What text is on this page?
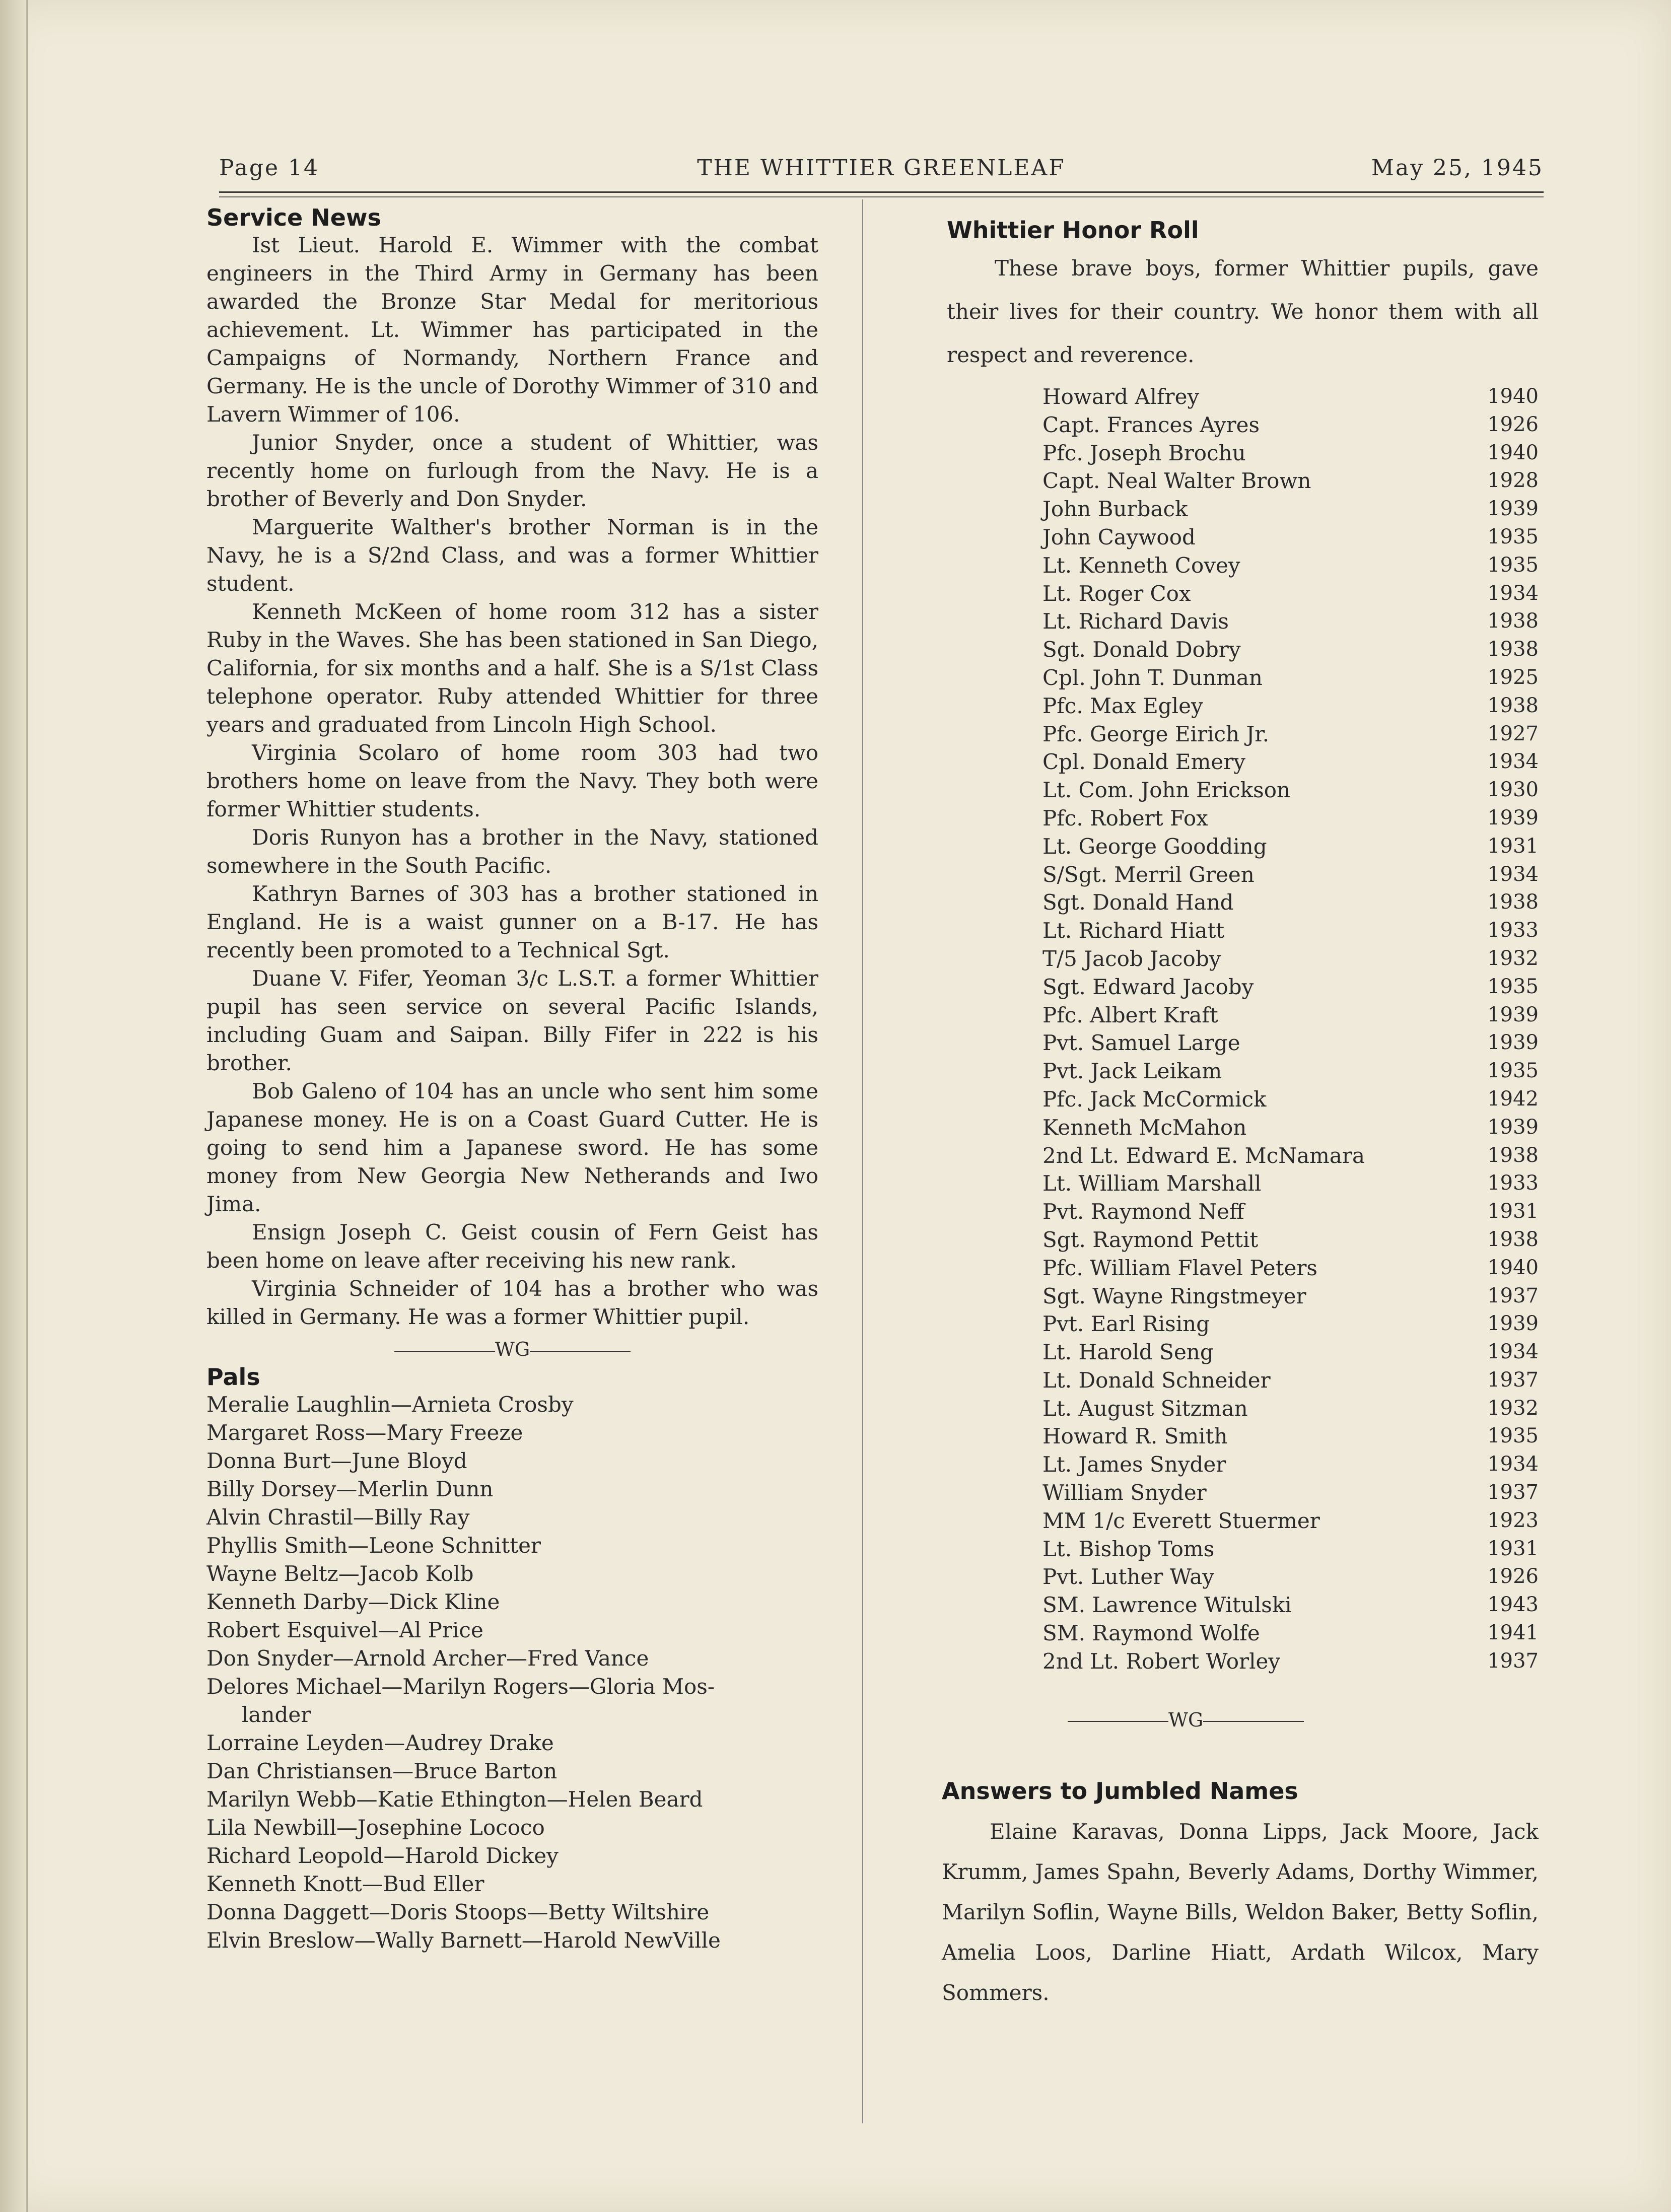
Page 14	THE WHITTIER GREENLEAF	May 25, 1945
Service News

Ist Lieut. Harold E. Wimmer with the combat engineers in the Third Army in Germany has been awarded the Bronze Star Medal for meritorious achievement. Lt. Wimmer has participated in the Campaigns of Normandy, Northern France and Germany. He is the uncle of Dorothy Wimmer of 310 and Lavern Wimmer of 106.

Junior Snyder, once a student of Whittier, was recently home on furlough from the Navy. He is a brother of Beverly and Don Snyder.

Marguerite Walther's brother Norman is in the Navy, he is a S/2nd Class, and was a former Whittier student.

Kenneth McKeen of home room 312 has a sister Ruby in the Waves. She has been stationed in San Diego, California, for six months and a half. She is a S/1st Class telephone operator. Ruby attended Whittier for three years and graduated from Lincoln High School.

Virginia Scolaro of home room 303 had two brothers home on leave from the Navy. They both were former Whittier students.

Doris Runyon has a brother in the Navy, stationed somewhere in the South Pacific.

Kathryn Barnes of 303 has a brother stationed in England. He is a waist gunner on a B-17. He has recently been promoted to a Technical Sgt.

Duane V. Fifer, Yeoman 3/c L.S.T. a former Whittier pupil has seen service on several Pacific Islands, including Guam and Saipan. Billy Fifer in 222 is his brother.

Bob Galeno of 104 has an uncle who sent him some Japanese money. He is on a Coast Guard Cutter. He is going to send him a Japanese sword. He has some money from New Georgia New Netherands and Iwo Jima.

Ensign Joseph C. Geist cousin of Fern Geist has been home on leave after receiving his new rank.

Virginia Schneider of 104 has a brother who was killed in Germany. He was a former Whittier pupil.

WG

Pals
Meralie Laughlin—Arnieta Crosby
Margaret Ross—Mary Freeze
Donna Burt—June Bloyd
Billy Dorsey—Merlin Dunn
Alvin Chrastil—Billy Ray
Phyllis Smith—Leone Schnitter
Wayne Beltz—Jacob Kolb
Kenneth Darby—Dick Kline
Robert Esquivel—Al Price
Don Snyder—Arnold Archer—Fred Vance
Delores Michael—Marilyn Rogers—Gloria Mos-
lander
Lorraine Leyden—Audrey Drake
Dan Christiansen—Bruce Barton
Marilyn Webb—Katie Ethington—Helen Beard
Lila Newbill—Josephine Lococo
Richard Leopold—Harold Dickey
Kenneth Knott—Bud Eller
Donna Daggett—Doris Stoops—Betty Wiltshire
Elvin Breslow—Wally Barnett—Harold NewVille
Whittier Honor Roll

These brave boys, former Whittier pupils, gave their lives for their country. We honor them with all respect and reverence.

Howard Alfrey	1940
Capt. Frances Ayres	1926
Pfc. Joseph Brochu	1940
Capt. Neal Walter Brown	1928
John Burback	1939
John Caywood	1935
Lt. Kenneth Covey	1935
Lt. Roger Cox	1934
Lt. Richard Davis	1938
Sgt. Donald Dobry	1938
Cpl. John T. Dunman	1925
Pfc. Max Egley	1938
Pfc. George Eirich Jr.	1927
Cpl. Donald Emery	1934
Lt. Com. John Erickson	1930
Pfc. Robert Fox	1939
Lt. George Goodding	1931
S/Sgt. Merril Green	1934
Sgt. Donald Hand	1938
Lt. Richard Hiatt	1933
T/5 Jacob Jacoby	1932
Sgt. Edward Jacoby	1935
Pfc. Albert Kraft	1939
Pvt. Samuel Large	1939
Pvt. Jack Leikam	1935
Pfc. Jack McCormick	1942
Kenneth McMahon	1939
2nd Lt. Edward E. McNamara	1938
Lt. William Marshall	1933
Pvt. Raymond Neff	1931
Sgt. Raymond Pettit	1938
Pfc. William Flavel Peters	1940
Sgt. Wayne Ringstmeyer	1937
Pvt. Earl Rising	1939
Lt. Harold Seng	1934
Lt. Donald Schneider	1937
Lt. August Sitzman	1932
Howard R. Smith	1935
Lt. James Snyder	1934
William Snyder	1937
MM 1/c Everett Stuermer	1923
Lt. Bishop Toms	1931
Pvt. Luther Way	1926
SM. Lawrence Witulski	1943
SM. Raymond Wolfe	1941
2nd Lt. Robert Worley	1937

WG

Answers to Jumbled Names

Elaine Karavas, Donna Lipps, Jack Moore, Jack Krumm, James Spahn, Beverly Adams, Dorthy Wimmer, Marilyn Soflin, Wayne Bills, Weldon Baker, Betty Soflin, Amelia Loos, Darline Hiatt, Ardath Wilcox, Mary Sommers.
